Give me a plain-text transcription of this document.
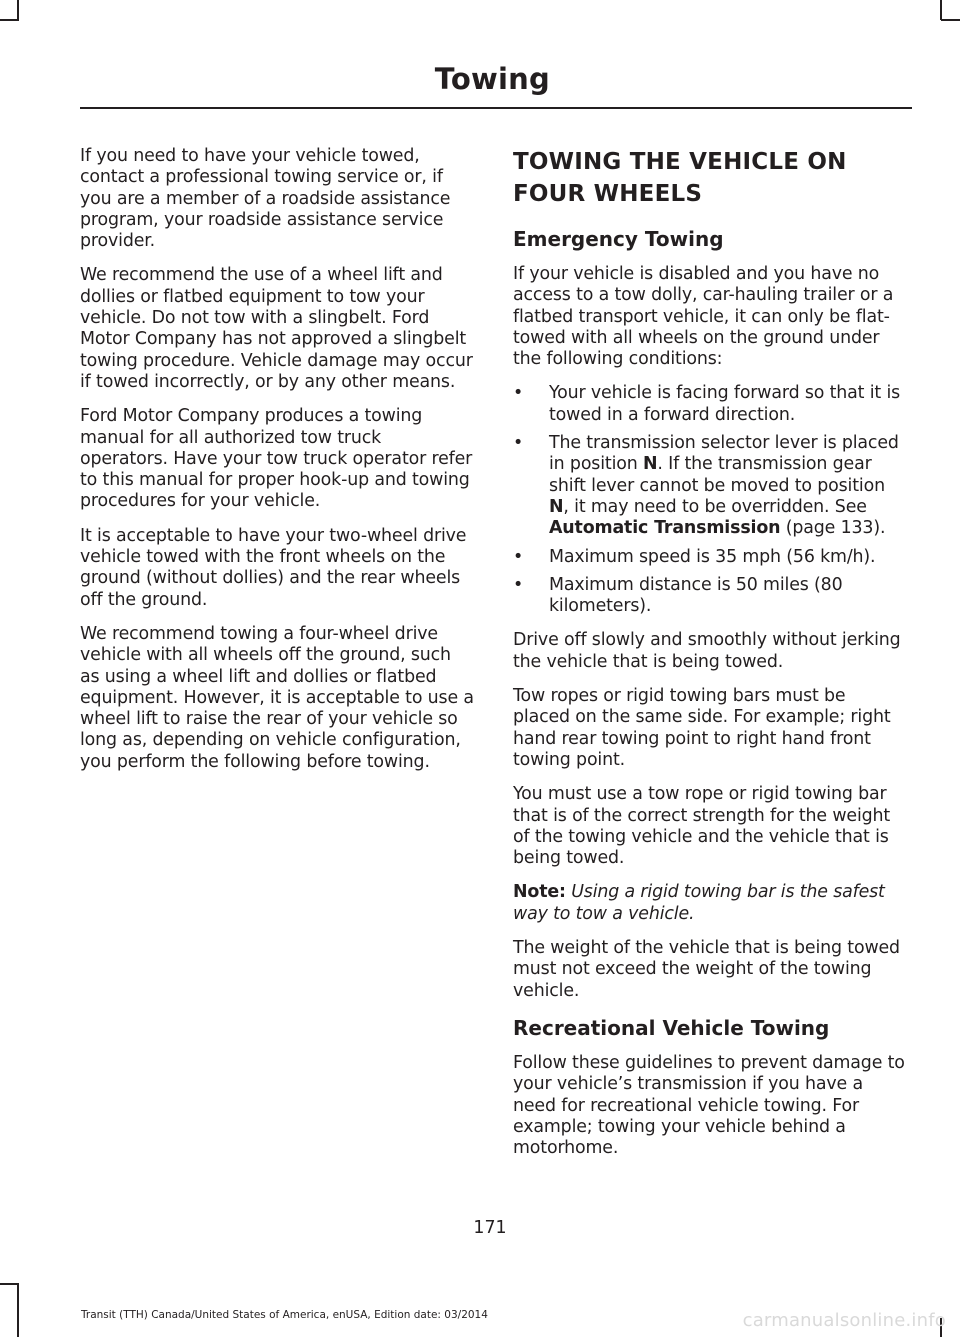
Towing

If you need to have your vehicle towed, contact a professional towing service or, if you are a member of a roadside assistance program, your roadside assistance service provider.

We recommend the use of a wheel lift and dollies or flatbed equipment to tow your vehicle. Do not tow with a slingbelt. Ford Motor Company has not approved a slingbelt towing procedure. Vehicle damage may occur if towed incorrectly, or by any other means.

Ford Motor Company produces a towing manual for all authorized tow truck operators. Have your tow truck operator refer to this manual for proper hook-up and towing procedures for your vehicle.

It is acceptable to have your two-wheel drive vehicle towed with the front wheels on the ground (without dollies) and the rear wheels off the ground.

We recommend towing a four-wheel drive vehicle with all wheels off the ground, such as using a wheel lift and dollies or flatbed equipment. However, it is acceptable to use a wheel lift to raise the rear of your vehicle so long as, depending on vehicle configuration, you perform the following before towing.

TOWING THE VEHICLE ON FOUR WHEELS
Emergency Towing

If your vehicle is disabled and you have no access to a tow dolly, car-hauling trailer or a flatbed transport vehicle, it can only be flat-towed with all wheels on the ground under the following conditions:

• Your vehicle is facing forward so that it is towed in a forward direction.
• The transmission selector lever is placed in position N. If the transmission gear shift lever cannot be moved to position N, it may need to be overridden. See Automatic Transmission (page 133).
• Maximum speed is 35 mph (56 km/h).
• Maximum distance is 50 miles (80 kilometers).

Drive off slowly and smoothly without jerking the vehicle that is being towed.

Tow ropes or rigid towing bars must be placed on the same side. For example; right hand rear towing point to right hand front towing point.

You must use a tow rope or rigid towing bar that is of the correct strength for the weight of the towing vehicle and the vehicle that is being towed.

Note: Using a rigid towing bar is the safest way to tow a vehicle.

The weight of the vehicle that is being towed must not exceed the weight of the towing vehicle.

Recreational Vehicle Towing

Follow these guidelines to prevent damage to your vehicle’s transmission if you have a need for recreational vehicle towing. For example; towing your vehicle behind a motorhome.

171
Transit (TTH) Canada/United States of America, enUSA, Edition date: 03/2014	carmanualsonline.info
